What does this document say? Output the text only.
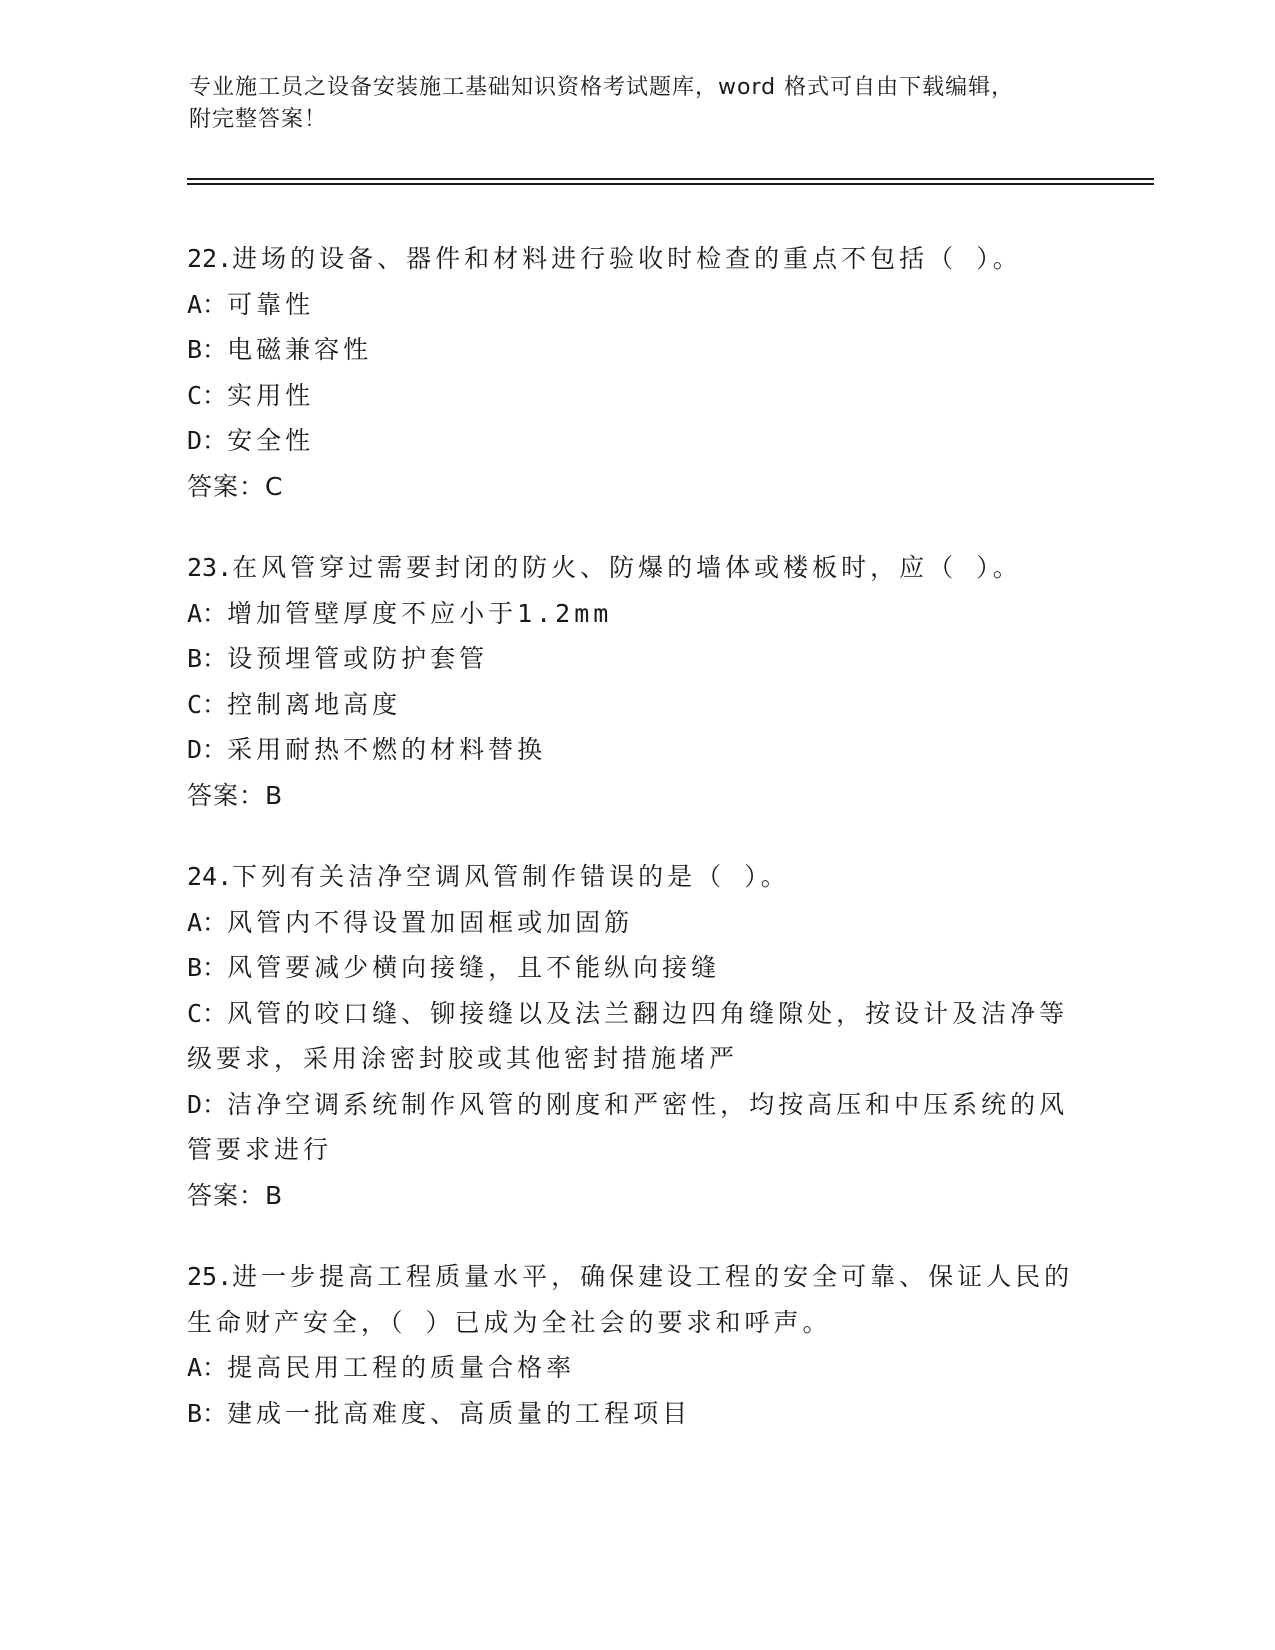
专业施工员之设备安装施工基础知识资格考试题库，word 格式可自由下载编辑，
附完整答案！
22.进场的设备、器件和材料进行验收时检查的重点不包括（ ）。
A：可靠性
B：电磁兼容性
C：实用性
D：安全性
答案：C
23.在风管穿过需要封闭的防火、防爆的墙体或楼板时，应（ ）。
A：增加管壁厚度不应小于1.2mm
B：设预埋管或防护套管
C：控制离地高度
D：采用耐热不燃的材料替换
答案：B
24.下列有关洁净空调风管制作错误的是（ ）。
A：风管内不得设置加固框或加固筋
B：风管要减少横向接缝，且不能纵向接缝
C：风管的咬口缝、铆接缝以及法兰翻边四角缝隙处，按设计及洁净等级要求，采用涂密封胶或其他密封措施堵严
D：洁净空调系统制作风管的刚度和严密性，均按高压和中压系统的风管要求进行
答案：B
25.进一步提高工程质量水平，确保建设工程的安全可靠、保证人民的生命财产安全，（ ）已成为全社会的要求和呼声。
A：提高民用工程的质量合格率
B：建成一批高难度、高质量的工程项目
